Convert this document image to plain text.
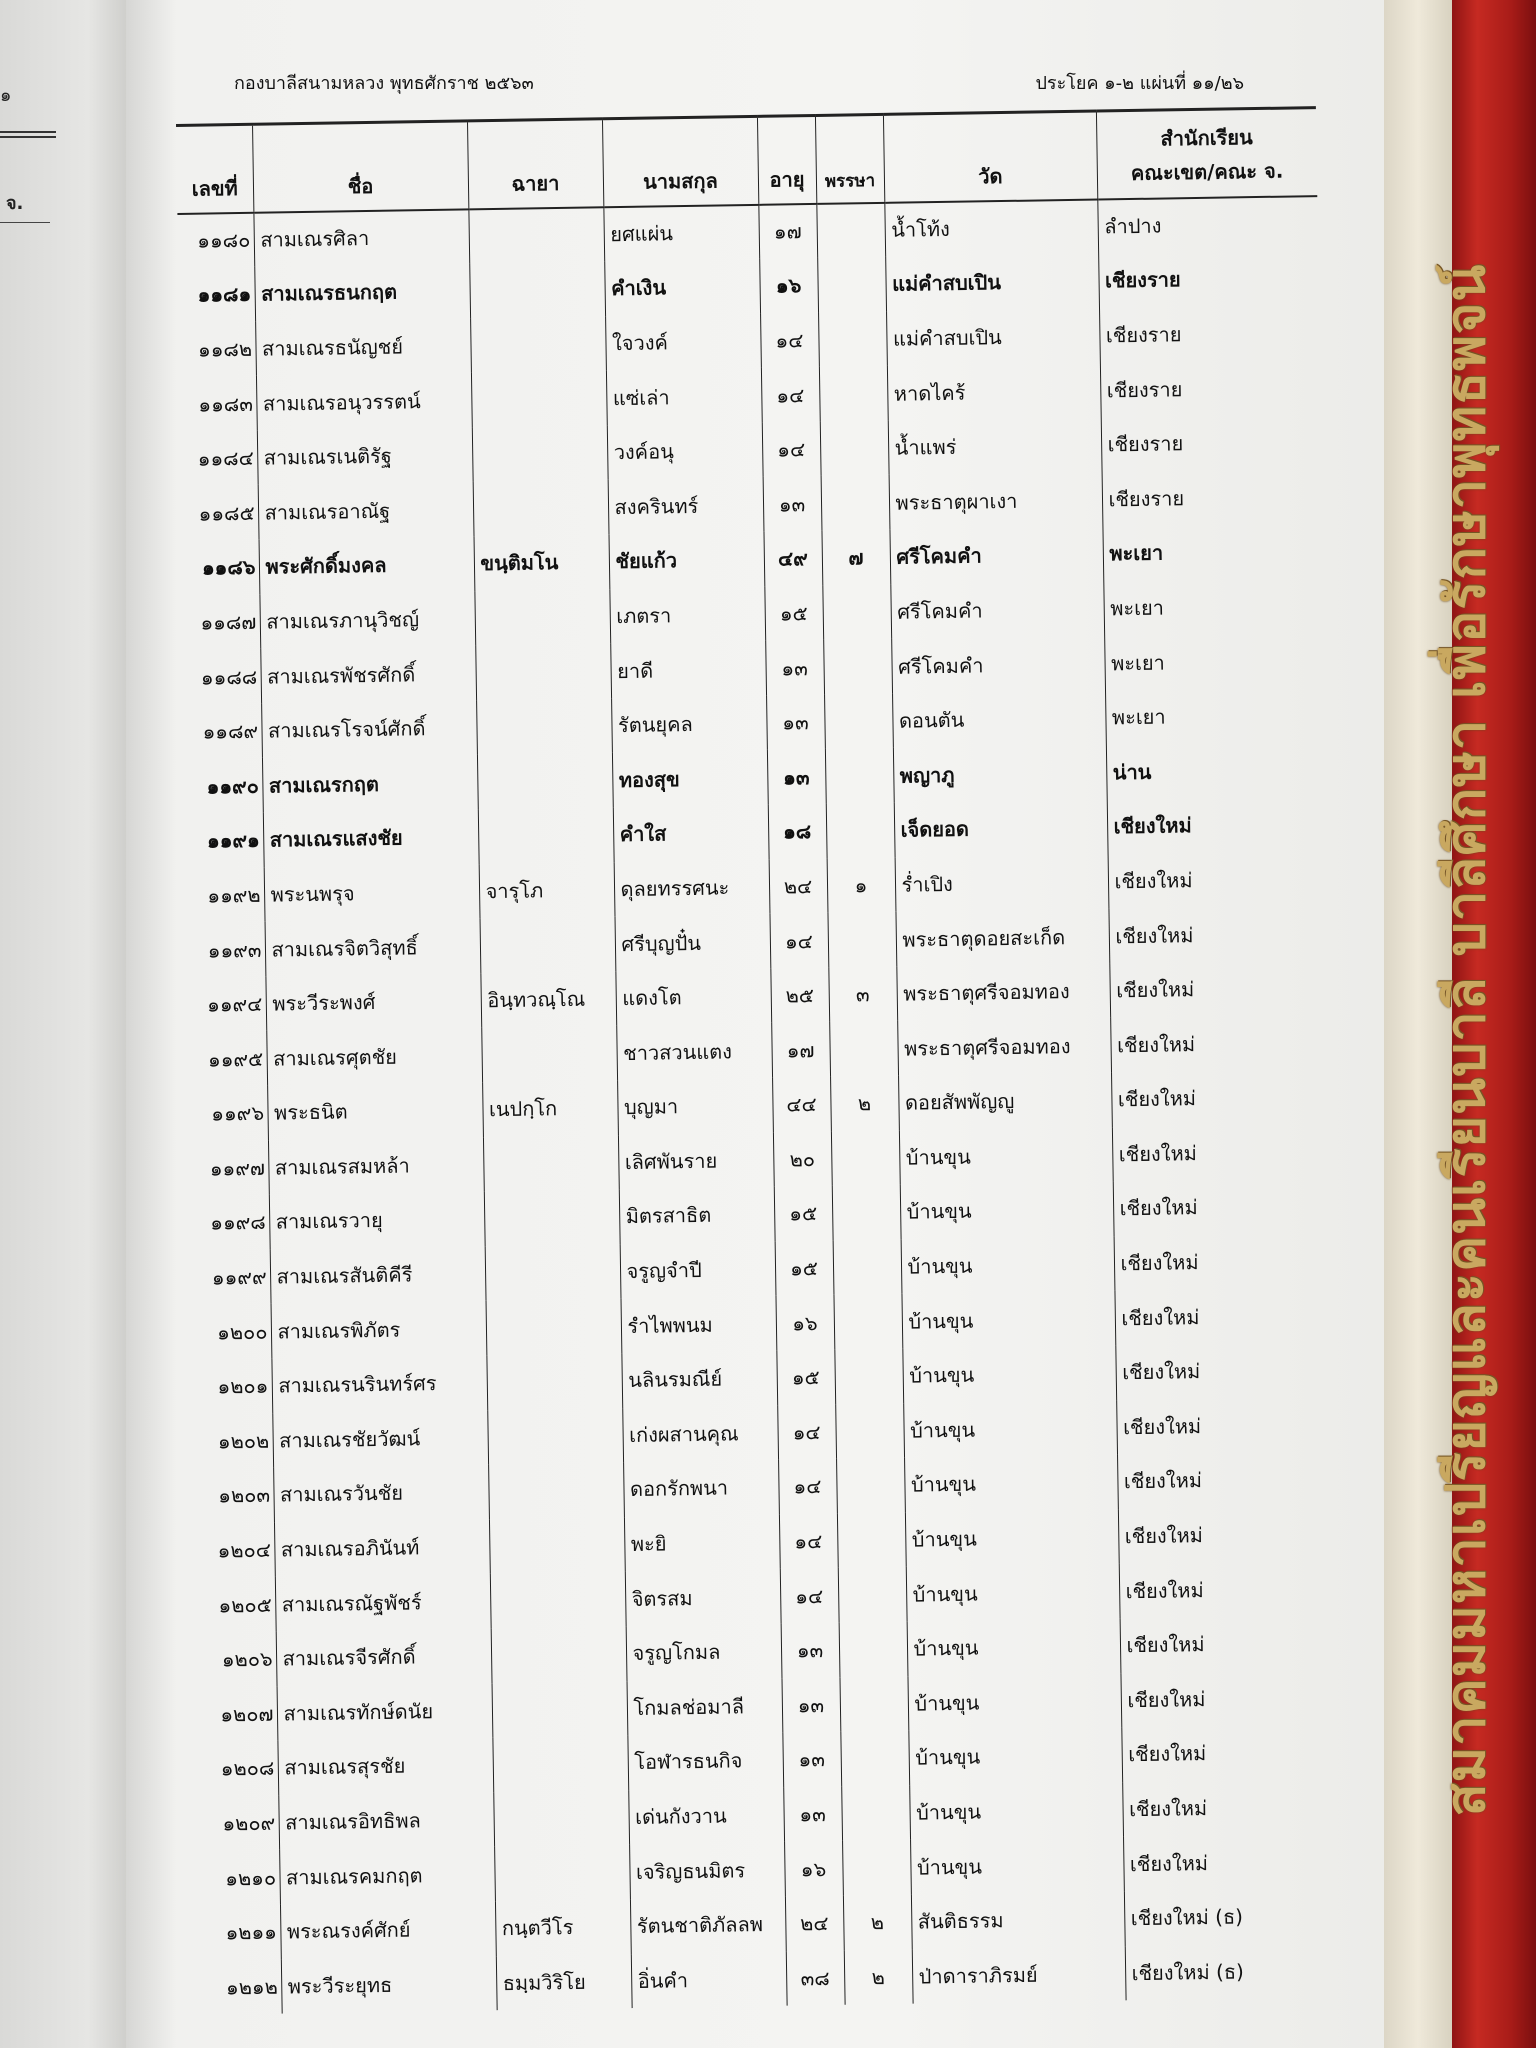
๑
จ.
กองบาลีสนามหลวง พุทธศักราช ๒๕๖๓	ประโยค ๑-๒ แผ่นที่ ๑๑/๒๖
เลขที่	ชื่อ	ฉายา	นามสกุล	อายุ	พรรษา	วัด	สำนักเรียน
คณะเขต/คณะ จ.
๑๑๘๐	สามเณรศิลา		ยศแผ่น	๑๗		น้ำโท้ง	ลำปาง
๑๑๘๑	สามเณรธนกฤต		คำเงิน	๑๖		แม่คำสบเปิน	เชียงราย
๑๑๘๒	สามเณรธนัญชย์		ใจวงค์	๑๔		แม่คำสบเปิน	เชียงราย
๑๑๘๓	สามเณรอนุวรรตน์		แซ่เล่า	๑๔		หาดไคร้	เชียงราย
๑๑๘๔	สามเณรเนติรัฐ		วงค์อนุ	๑๔		น้ำแพร่	เชียงราย
๑๑๘๕	สามเณรอาณัฐ		สงครินทร์	๑๓		พระธาตุผาเงา	เชียงราย
๑๑๘๖	พระศักดิ์มงคล	ขนฺติมโน	ชัยแก้ว	๔๙	๗	ศรีโคมคำ	พะเยา
๑๑๘๗	สามเณรภานุวิชญ์		เภตรา	๑๕		ศรีโคมคำ	พะเยา
๑๑๘๘	สามเณรพัชรศักดิ์		ยาดี	๑๓		ศรีโคมคำ	พะเยา
๑๑๘๙	สามเณรโรจน์ศักดิ์		รัตนยุคล	๑๓		ดอนตัน	พะเยา
๑๑๙๐	สามเณรกฤต		ทองสุข	๑๓		พญาภู	น่าน
๑๑๙๑	สามเณรแสงชัย		คำใส	๑๘		เจ็ดยอด	เชียงใหม่
๑๑๙๒	พระนพรุจ	จารุโภ	ดุลยทรรศนะ	๒๔	๑	ร่ำเปิง	เชียงใหม่
๑๑๙๓	สามเณรจิตวิสุทธิ์		ศรีบุญปั๋น	๑๔		พระธาตุดอยสะเก็ด	เชียงใหม่
๑๑๙๔	พระวีระพงศ์	อินฺทวณฺโณ	แดงโต	๒๕	๓	พระธาตุศรีจอมทอง	เชียงใหม่
๑๑๙๕	สามเณรศุตชัย		ชาวสวนแตง	๑๗		พระธาตุศรีจอมทอง	เชียงใหม่
๑๑๙๖	พระธนิต	เนปกฺโก	บุญมา	๔๔	๒	ดอยสัพพัญญู	เชียงใหม่
๑๑๙๗	สามเณรสมหล้า		เลิศพันราย	๒๐		บ้านขุน	เชียงใหม่
๑๑๙๘	สามเณรวายุ		มิตรสาธิต	๑๕		บ้านขุน	เชียงใหม่
๑๑๙๙	สามเณรสันติคีรี		จรูญจำปี	๑๕		บ้านขุน	เชียงใหม่
๑๒๐๐	สามเณรพิภัตร		รำไพพนม	๑๖		บ้านขุน	เชียงใหม่
๑๒๐๑	สามเณรนรินทร์ศร		นลินรมณีย์	๑๕		บ้านขุน	เชียงใหม่
๑๒๐๒	สามเณรชัยวัฒน์		เก่งผสานคุณ	๑๔		บ้านขุน	เชียงใหม่
๑๒๐๓	สามเณรวันชัย		ดอกรักพนา	๑๔		บ้านขุน	เชียงใหม่
๑๒๐๔	สามเณรอภินันท์		พะยิ	๑๔		บ้านขุน	เชียงใหม่
๑๒๐๕	สามเณรณัฐพัชร์		จิตรสม	๑๔		บ้านขุน	เชียงใหม่
๑๒๐๖	สามเณรจีรศักดิ์		จรูญโกมล	๑๓		บ้านขุน	เชียงใหม่
๑๒๐๗	สามเณรทักษ์ดนัย		โกมลช่อมาลี	๑๓		บ้านขุน	เชียงใหม่
๑๒๐๘	สามเณรสุรชัย		โอฬารธนกิจ	๑๓		บ้านขุน	เชียงใหม่
๑๒๐๙	สามเณรอิทธิพล		เด่นกังวาน	๑๓		บ้านขุน	เชียงใหม่
๑๒๑๐	สามเณรคมกฤต		เจริญธนมิตร	๑๖		บ้านขุน	เชียงใหม่
๑๒๑๑	พระณรงค์ศักย์	กนฺตวีโร	รัตนชาติภัลลพ	๒๔	๒	สันติธรรม	เชียงใหม่ (ธ)
๑๒๑๒	พระวีระยุทธ	ธมฺมวิริโย	อิ่นคำ	๓๘	๒	ป่าดาราภิรมย์	เชียงใหม่ (ธ)
สมาคมมหาเปรียญและคนเรียนบาลี บาลีศึกษา เพื่อรักษาพุทธพจน์
